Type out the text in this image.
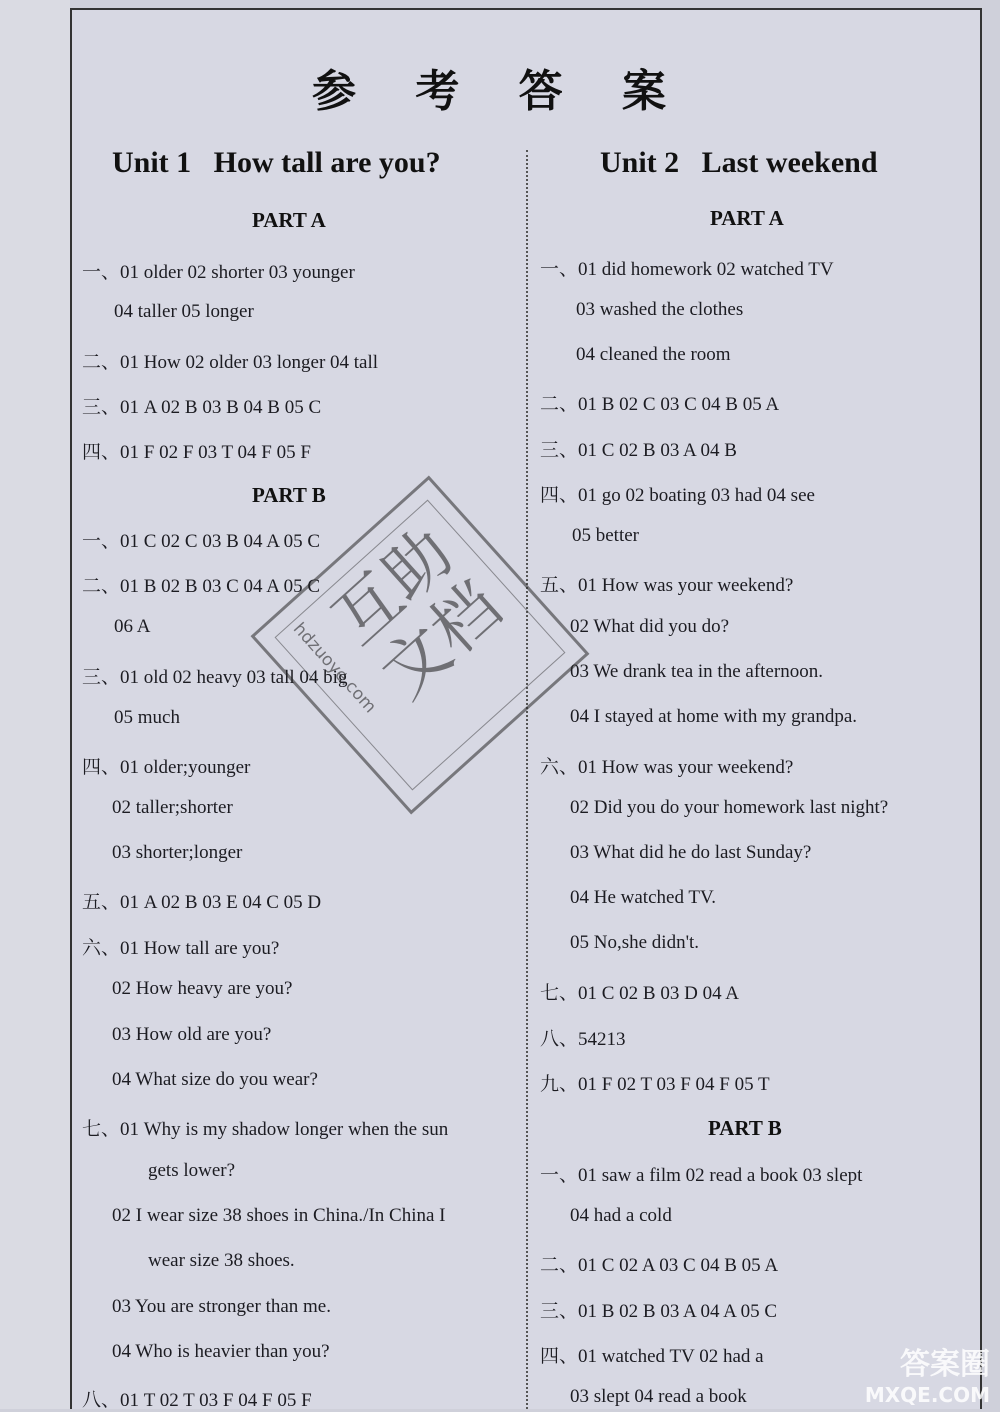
参 考 答 案
Unit 1   How tall are you?	Unit 2   Last weekend
PART A
PART B
PART A
PART B
一、01 older 02 shorter 03 younger
04 taller 05 longer
二、01 How 02 older 03 longer 04 tall
三、01 A 02 B 03 B 04 B 05 C
四、01 F 02 F 03 T 04 F 05 F
一、01 C 02 C 03 B 04 A 05 C
二、01 B 02 B 03 C 04 A 05 C
06 A
三、01 old 02 heavy 03 tall 04 big
05 much
四、01 older;younger
02 taller;shorter
03 shorter;longer
五、01 A 02 B 03 E 04 C 05 D
六、01 How tall are you?
02 How heavy are you?
03 How old are you?
04 What size do you wear?
七、01 Why is my shadow longer when the sun
gets lower?
02 I wear size 38 shoes in China./In China I
wear size 38 shoes.
03 You are stronger than me.
04 Who is heavier than you?
八、01 T 02 T 03 F 04 F 05 F
一、01 did homework 02 watched TV
03 washed the clothes
04 cleaned the room
二、01 B 02 C 03 C 04 B 05 A
三、01 C 02 B 03 A 04 B
四、01 go 02 boating 03 had 04 see
05 better
五、01 How was your weekend?
02 What did you do?
03 We drank tea in the afternoon.
04 I stayed at home with my grandpa.
六、01 How was your weekend?
02 Did you do your homework last night?
03 What did he do last Sunday?
04 He watched TV.
05 No,she didn't.
七、01 C 02 B 03 D 04 A
八、54213
九、01 F 02 T 03 F 04 F 05 T
一、01 saw a film 02 read a book 03 slept
04 had a cold
二、01 C 02 A 03 C 04 B 05 A
三、01 B 02 B 03 A 04 A 05 C
四、01 watched TV 02 had a
03 slept 04 read a book
互助文档
hdzuoye.com
答案圈
MXQE.COM
